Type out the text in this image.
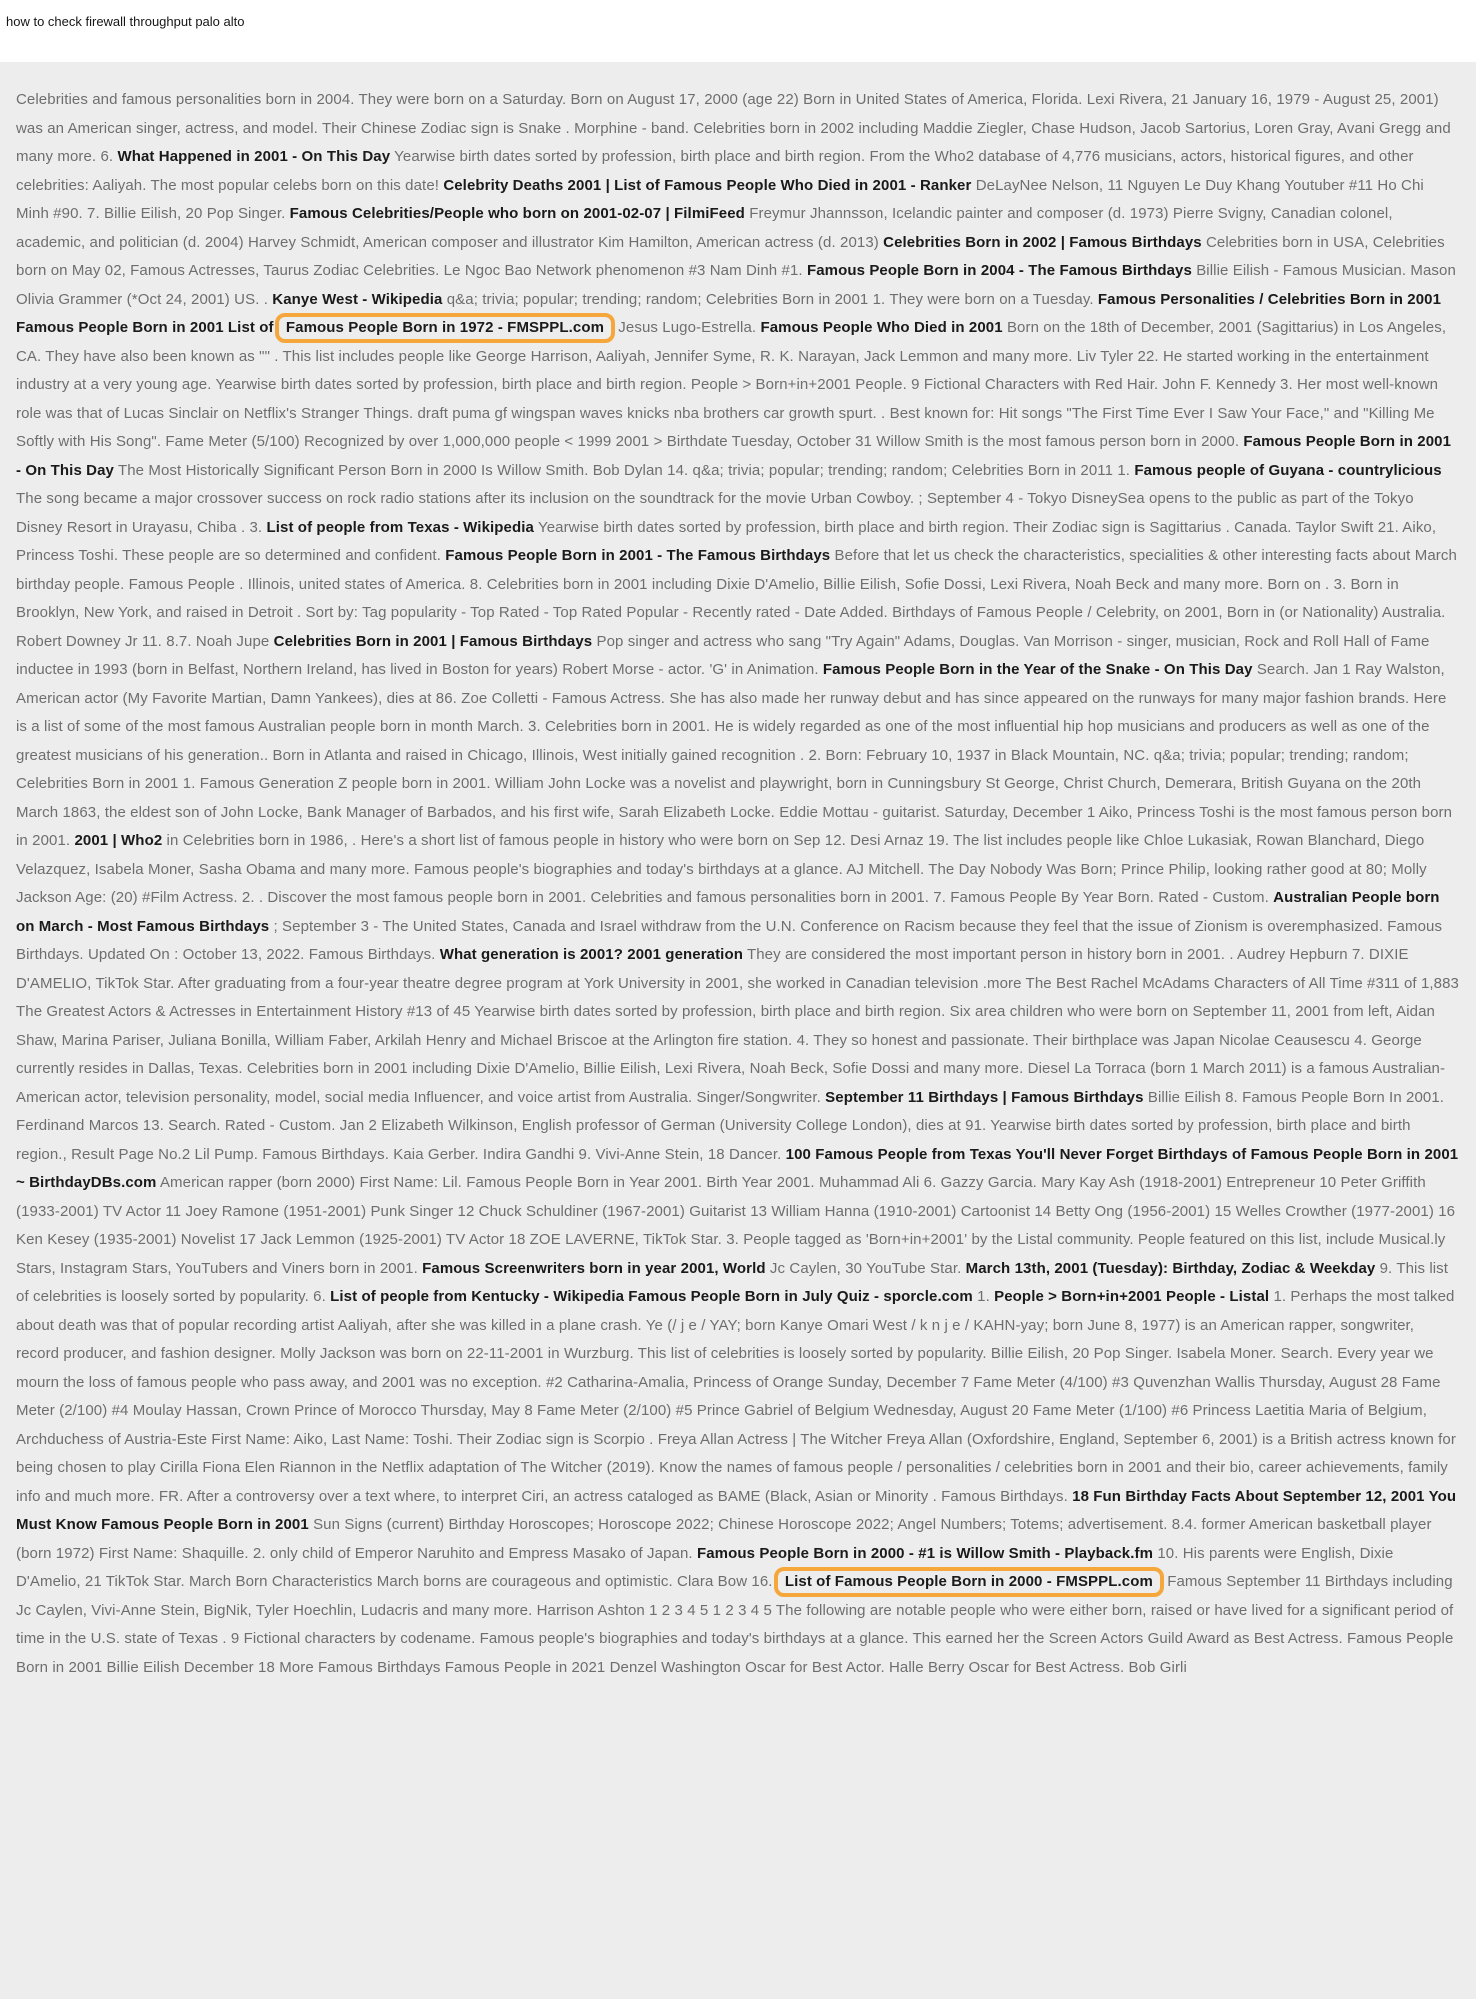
how to check firewall throughput palo alto
Celebrities and famous personalities born in 2004. They were born on a Saturday. Born on August 17, 2000 (age 22) Born in United States of America, Florida. Lexi Rivera, 21 January 16, 1979 - August 25, 2001) was an American singer, actress, and model. Their Chinese Zodiac sign is Snake . Morphine - band. Celebrities born in 2002 including Maddie Ziegler, Chase Hudson, Jacob Sartorius, Loren Gray, Avani Gregg and many more. 6. What Happened in 2001 - On This Day Yearwise birth dates sorted by profession, birth place and birth region. From the Who2 database of 4,776 musicians, actors, historical figures, and other celebrities: Aaliyah. The most popular celebs born on this date! Celebrity Deaths 2001 | List of Famous People Who Died in 2001 - Ranker DeLayNee Nelson, 11 Nguyen Le Duy Khang Youtuber #11 Ho Chi Minh #90. 7. Billie Eilish, 20 Pop Singer. Famous Celebrities/People who born on 2001-02-07 | FilmiFeed Freymur Jhannsson, Icelandic painter and composer (d. 1973) Pierre Svigny, Canadian colonel, academic, and politician (d. 2004) Harvey Schmidt, American composer and illustrator Kim Hamilton, American actress (d. 2013) Celebrities Born in 2002 | Famous Birthdays Celebrities born in USA, Celebrities born on May 02, Famous Actresses, Taurus Zodiac Celebrities. Le Ngoc Bao Network phenomenon #3 Nam Dinh #1. Famous People Born in 2004 - The Famous Birthdays Billie Eilish - Famous Musician. Mason Olivia Grammer (*Oct 24, 2001) US. . Kanye West - Wikipedia q&a; trivia; popular; trending; random; Celebrities Born in 2001 1. They were born on a Tuesday. Famous Personalities / Celebrities Born in 2001 Famous People Born in 2001 List of Famous People Born in 1972 - FMSPPL.com Jesus Lugo-Estrella. Famous People Who Died in 2001 Born on the 18th of December, 2001 (Sagittarius) in Los Angeles, CA. They have also been known as "" . This list includes people like George Harrison, Aaliyah, Jennifer Syme, R. K. Narayan, Jack Lemmon and many more. Liv Tyler 22. He started working in the entertainment industry at a very young age. Yearwise birth dates sorted by profession, birth place and birth region. People > Born+in+2001 People. 9 Fictional Characters with Red Hair. John F. Kennedy 3. Her most well-known role was that of Lucas Sinclair on Netflix's Stranger Things. draft puma gf wingspan waves knicks nba brothers car growth spurt. . Best known for: Hit songs "The First Time Ever I Saw Your Face," and "Killing Me Softly with His Song". Fame Meter (5/100) Recognized by over 1,000,000 people < 1999 2001 > Birthdate Tuesday, October 31 Willow Smith is the most famous person born in 2000. Famous People Born in 2001 - On This Day The Most Historically Significant Person Born in 2000 Is Willow Smith. Bob Dylan 14. q&a; trivia; popular; trending; random; Celebrities Born in 2011 1. Famous people of Guyana - countrylicious The song became a major crossover success on rock radio stations after its inclusion on the soundtrack for the movie Urban Cowboy. ; September 4 - Tokyo DisneySea opens to the public as part of the Tokyo Disney Resort in Urayasu, Chiba . 3. List of people from Texas - Wikipedia Yearwise birth dates sorted by profession, birth place and birth region. Their Zodiac sign is Sagittarius . Canada. Taylor Swift 21. Aiko, Princess Toshi. These people are so determined and confident. Famous People Born in 2001 - The Famous Birthdays Before that let us check the characteristics, specialities & other interesting facts about March birthday people. Famous People . Illinois, united states of America. 8. Celebrities born in 2001 including Dixie D'Amelio, Billie Eilish, Sofie Dossi, Lexi Rivera, Noah Beck and many more. Born on . 3. Born in Brooklyn, New York, and raised in Detroit . Sort by: Tag popularity - Top Rated - Top Rated Popular - Recently rated - Date Added. Birthdays of Famous People / Celebrity, on 2001, Born in (or Nationality) Australia. Robert Downey Jr 11. 8.7. Noah Jupe Celebrities Born in 2001 | Famous Birthdays Pop singer and actress who sang "Try Again" Adams, Douglas. Van Morrison - singer, musician, Rock and Roll Hall of Fame inductee in 1993 (born in Belfast, Northern Ireland, has lived in Boston for years) Robert Morse - actor. 'G' in Animation. Famous People Born in the Year of the Snake - On This Day Search. Jan 1 Ray Walston, American actor (My Favorite Martian, Damn Yankees), dies at 86. Zoe Colletti - Famous Actress. She has also made her runway debut and has since appeared on the runways for many major fashion brands. Here is a list of some of the most famous Australian people born in month March. 3. Celebrities born in 2001. He is widely regarded as one of the most influential hip hop musicians and producers as well as one of the greatest musicians of his generation.. Born in Atlanta and raised in Chicago, Illinois, West initially gained recognition . 2. Born: February 10, 1937 in Black Mountain, NC. q&a; trivia; popular; trending; random; Celebrities Born in 2001 1. Famous Generation Z people born in 2001. William John Locke was a novelist and playwright, born in Cunningsbury St George, Christ Church, Demerara, British Guyana on the 20th March 1863, the eldest son of John Locke, Bank Manager of Barbados, and his first wife, Sarah Elizabeth Locke. Eddie Mottau - guitarist. Saturday, December 1 Aiko, Princess Toshi is the most famous person born in 2001. 2001 | Who2 in Celebrities born in 1986, . Here's a short list of famous people in history who were born on Sep 12. Desi Arnaz 19. The list includes people like Chloe Lukasiak, Rowan Blanchard, Diego Velazquez, Isabela Moner, Sasha Obama and many more. Famous people's biographies and today's birthdays at a glance. AJ Mitchell. The Day Nobody Was Born; Prince Philip, looking rather good at 80; Molly Jackson Age: (20) #Film Actress. 2. . Discover the most famous people born in 2001. Celebrities and famous personalities born in 2001. 7. Famous People By Year Born. Rated - Custom. Australian People born on March - Most Famous Birthdays ; September 3 - The United States, Canada and Israel withdraw from the U.N. Conference on Racism because they feel that the issue of Zionism is overemphasized. Famous Birthdays. Updated On : October 13, 2022. Famous Birthdays. What generation is 2001? 2001 generation They are considered the most important person in history born in 2001. . Audrey Hepburn 7. DIXIE D'AMELIO, TikTok Star. After graduating from a four-year theatre degree program at York University in 2001, she worked in Canadian television .more The Best Rachel McAdams Characters of All Time #311 of 1,883 The Greatest Actors & Actresses in Entertainment History #13 of 45 Yearwise birth dates sorted by profession, birth place and birth region. Six area children who were born on September 11, 2001 from left, Aidan Shaw, Marina Pariser, Juliana Bonilla, William Faber, Arkilah Henry and Michael Briscoe at the Arlington fire station. 4. They so honest and passionate. Their birthplace was Japan Nicolae Ceausescu 4. George currently resides in Dallas, Texas. Celebrities born in 2001 including Dixie D'Amelio, Billie Eilish, Lexi Rivera, Noah Beck, Sofie Dossi and many more. Diesel La Torraca (born 1 March 2011) is a famous Australian-American actor, television personality, model, social media Influencer, and voice artist from Australia. Singer/Songwriter. September 11 Birthdays | Famous Birthdays Billie Eilish 8. Famous People Born In 2001. Ferdinand Marcos 13. Search. Rated - Custom. Jan 2 Elizabeth Wilkinson, English professor of German (University College London), dies at 91. Yearwise birth dates sorted by profession, birth place and birth region., Result Page No.2 Lil Pump. Famous Birthdays. Kaia Gerber. Indira Gandhi 9. Vivi-Anne Stein, 18 Dancer. 100 Famous People from Texas You'll Never Forget Birthdays of Famous People Born in 2001 ~ BirthdayDBs.com American rapper (born 2000) First Name: Lil. Famous People Born in Year 2001. Birth Year 2001. Muhammad Ali 6. Gazzy Garcia. Mary Kay Ash (1918-2001) Entrepreneur 10 Peter Griffith (1933-2001) TV Actor 11 Joey Ramone (1951-2001) Punk Singer 12 Chuck Schuldiner (1967-2001) Guitarist 13 William Hanna (1910-2001) Cartoonist 14 Betty Ong (1956-2001) 15 Welles Crowther (1977-2001) 16 Ken Kesey (1935-2001) Novelist 17 Jack Lemmon (1925-2001) TV Actor 18 ZOE LAVERNE, TikTok Star. 3. People tagged as 'Born+in+2001' by the Listal community. People featured on this list, include Musical.ly Stars, Instagram Stars, YouTubers and Viners born in 2001. Famous Screenwriters born in year 2001, World Jc Caylen, 30 YouTube Star. March 13th, 2001 (Tuesday): Birthday, Zodiac & Weekday 9. This list of celebrities is loosely sorted by popularity. 6. List of people from Kentucky - Wikipedia Famous People Born in July Quiz - sporcle.com 1. People > Born+in+2001 People - Listal 1. Perhaps the most talked about death was that of popular recording artist Aaliyah, after she was killed in a plane crash. Ye (/ j e / YAY; born Kanye Omari West / k n j e / KAHN-yay; born June 8, 1977) is an American rapper, songwriter, record producer, and fashion designer. Molly Jackson was born on 22-11-2001 in Wurzburg. This list of celebrities is loosely sorted by popularity. Billie Eilish, 20 Pop Singer. Isabela Moner. Search. Every year we mourn the loss of famous people who pass away, and 2001 was no exception. #2 Catharina-Amalia, Princess of Orange Sunday, December 7 Fame Meter (4/100) #3 Quvenzhan Wallis Thursday, August 28 Fame Meter (2/100) #4 Moulay Hassan, Crown Prince of Morocco Thursday, May 8 Fame Meter (2/100) #5 Prince Gabriel of Belgium Wednesday, August 20 Fame Meter (1/100) #6 Princess Laetitia Maria of Belgium, Archduchess of Austria-Este First Name: Aiko, Last Name: Toshi. Their Zodiac sign is Scorpio . Freya Allan Actress | The Witcher Freya Allan (Oxfordshire, England, September 6, 2001) is a British actress known for being chosen to play Cirilla Fiona Elen Riannon in the Netflix adaptation of The Witcher (2019). Know the names of famous people / personalities / celebrities born in 2001 and their bio, career achievements, family info and much more. FR. After a controversy over a text where, to interpret Ciri, an actress cataloged as BAME (Black, Asian or Minority . Famous Birthdays. 18 Fun Birthday Facts About September 12, 2001 You Must Know Famous People Born in 2001 Sun Signs (current) Birthday Horoscopes; Horoscope 2022; Chinese Horoscope 2022; Angel Numbers; Totems; advertisement. 8.4. former American basketball player (born 1972) First Name: Shaquille. 2. only child of Emperor Naruhito and Empress Masako of Japan. Famous People Born in 2000 - #1 is Willow Smith - Playback.fm 10. His parents were English, Dixie D'Amelio, 21 TikTok Star. March Born Characteristics March borns are courageous and optimistic. Clara Bow 16. List of Famous People Born in 2000 - FMSPPL.com Famous September 11 Birthdays including Jc Caylen, Vivi-Anne Stein, BigNik, Tyler Hoechlin, Ludacris and many more. Harrison Ashton 1 2 3 4 5 1 2 3 4 5 The following are notable people who were either born, raised or have lived for a significant period of time in the U.S. state of Texas . 9 Fictional characters by codename. Famous people's biographies and today's birthdays at a glance. This earned her the Screen Actors Guild Award as Best Actress. Famous People Born in 2001 Billie Eilish December 18 More Famous Birthdays Famous People in 2021 Denzel Washington Oscar for Best Actor. Halle Berry Oscar for Best Actress. Bob Girli
